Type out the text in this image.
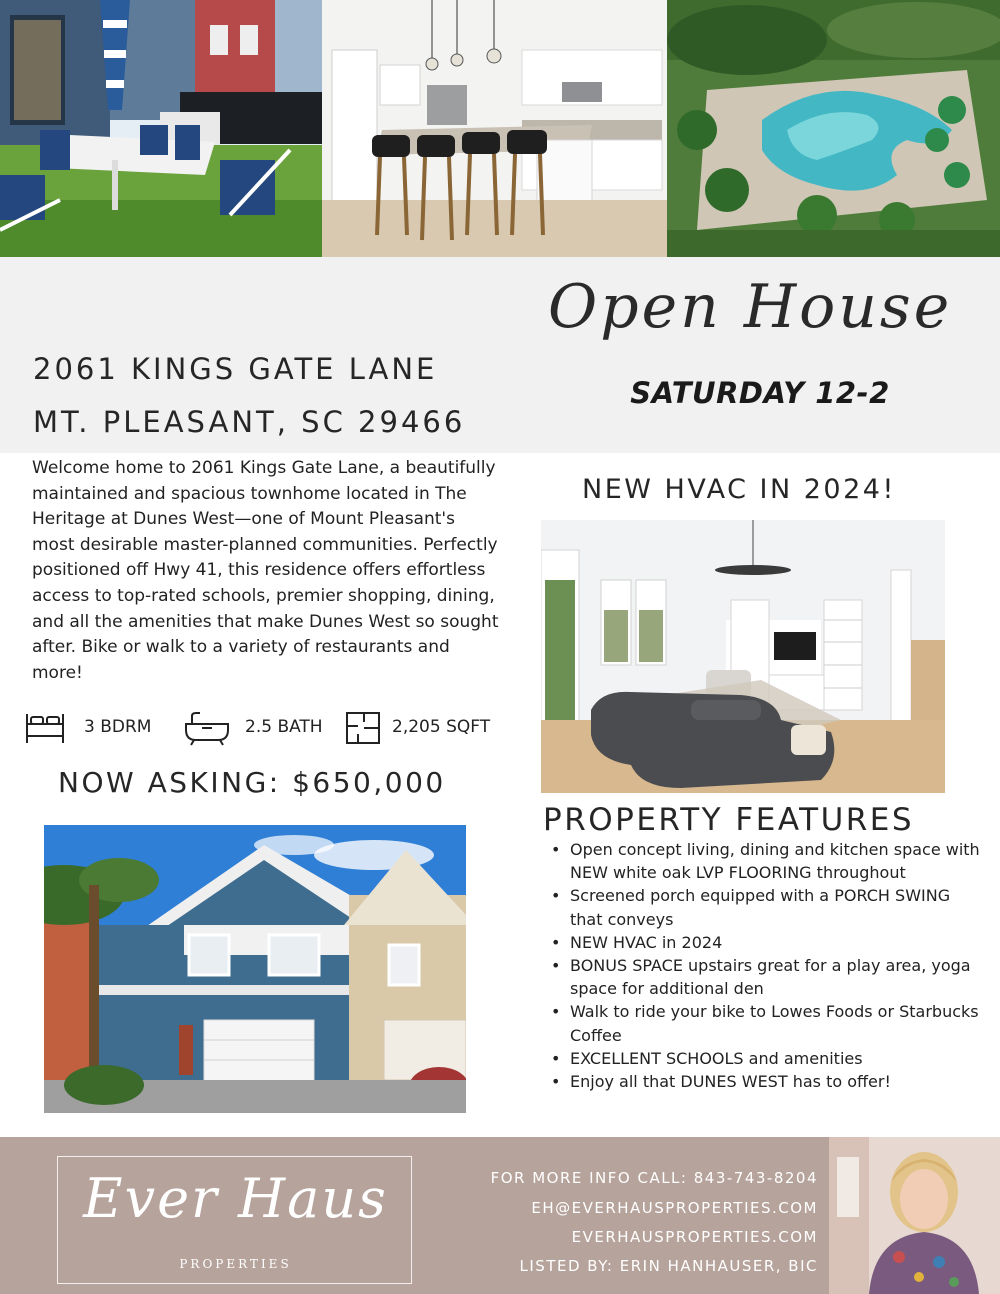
Open House
SATURDAY 12-2
2061 KINGS GATE LANE
MT. PLEASANT, SC 29466

Welcome home to 2061 Kings Gate Lane, a beautifully maintained and spacious townhome located in The Heritage at Dunes West—one of Mount Pleasant's most desirable master-planned communities. Perfectly positioned off Hwy 41, this residence offers effortless access to top-rated schools, premier shopping, dining, and all the amenities that make Dunes West so sought after. Bike or walk to a variety of restaurants and more!

3 BDRM	2.5 BATH	2,205 SQFT
NOW ASKING: $650,000
NEW HVAC IN 2024!
PROPERTY FEATURES
• Open concept living, dining and kitchen space with NEW white oak LVP FLOORING throughout
• Screened porch equipped with a PORCH SWING that conveys
• NEW HVAC in 2024
• BONUS SPACE upstairs great for a play area, yoga space for additional den
• Walk to ride your bike to Lowes Foods or Starbucks Coffee
• EXCELLENT SCHOOLS and amenities
• Enjoy all that DUNES WEST has to offer!
Ever Haus
PROPERTIES
FOR MORE INFO CALL: 843-743-8204
EH@EVERHAUSPROPERTIES.COM
EVERHAUSPROPERTIES.COM
LISTED BY: ERIN HANHAUSER, BIC
